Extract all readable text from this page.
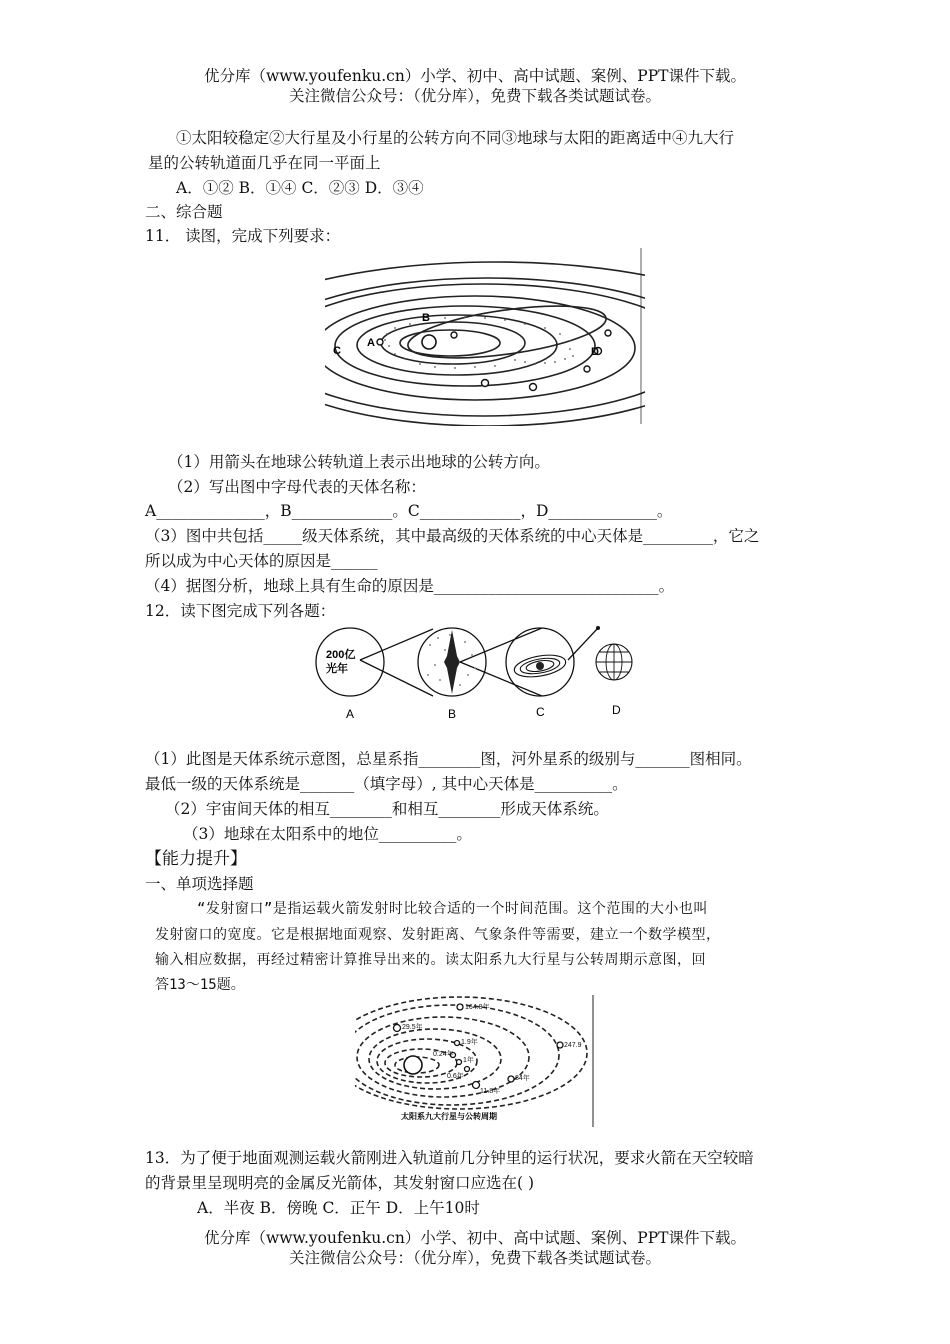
优分库（www.youfenku.cn）小学、初中、高中试题、案例、PPT课件下载。
关注微信公众号：（优分库），免费下载各类试题试卷。
①太阳较稳定②大行星及小行星的公转方向不同③地球与太阳的距离适中④九大行
星的公转轨道面几乎在同一平面上
A．①② B．①④ C．②③ D．③④
二、综合题
11． 读图，完成下列要求：
B
A
C	D
（1）用箭头在地球公转轨道上表示出地球的公转方向。
（2）写出图中字母代表的天体名称：
A______________，B_____________。C_____________，D______________。
（3）图中共包括_____级天体系统，其中最高级的天体系统的中心天体是_________，它之
所以成为中心天体的原因是______
（4）据图分析，地球上具有生命的原因是_____________________________。
12．读下图完成下列各题：
200亿
光年
A	B	C	D
（1）此图是天体系统示意图，总星系指________图，河外星系的级别与_______图相同。
最低一级的天体系统是_______（填字母）, 其中心天体是__________。
（2）宇宙间天体的相互________和相互________形成天体系统。
（3）地球在太阳系中的地位__________。
【能力提升】
一、单项选择题
“发射窗口”是指运载火箭发射时比较合适的一个时间范围。这个范围的大小也叫
发射窗口的宽度。它是根据地面观察、发射距离、气象条件等需要，建立一个数学模型，
输入相应数据，再经过精密计算推导出来的。读太阳系九大行星与公转周期示意图，回
答13～15题。
164.8年
29.5年
1.9年
0.24年
1年
0.6年
11.8年
84年
247.9
太阳系九大行星与公转周期
13．为了便于地面观测运载火箭刚进入轨道前几分钟里的运行状况，要求火箭在天空较暗
的背景里呈现明亮的金属反光箭体，其发射窗口应选在( )
A．半夜 B．傍晚 C．正午 D．上午10时
优分库（www.youfenku.cn）小学、初中、高中试题、案例、PPT课件下载。
关注微信公众号：（优分库），免费下载各类试题试卷。
